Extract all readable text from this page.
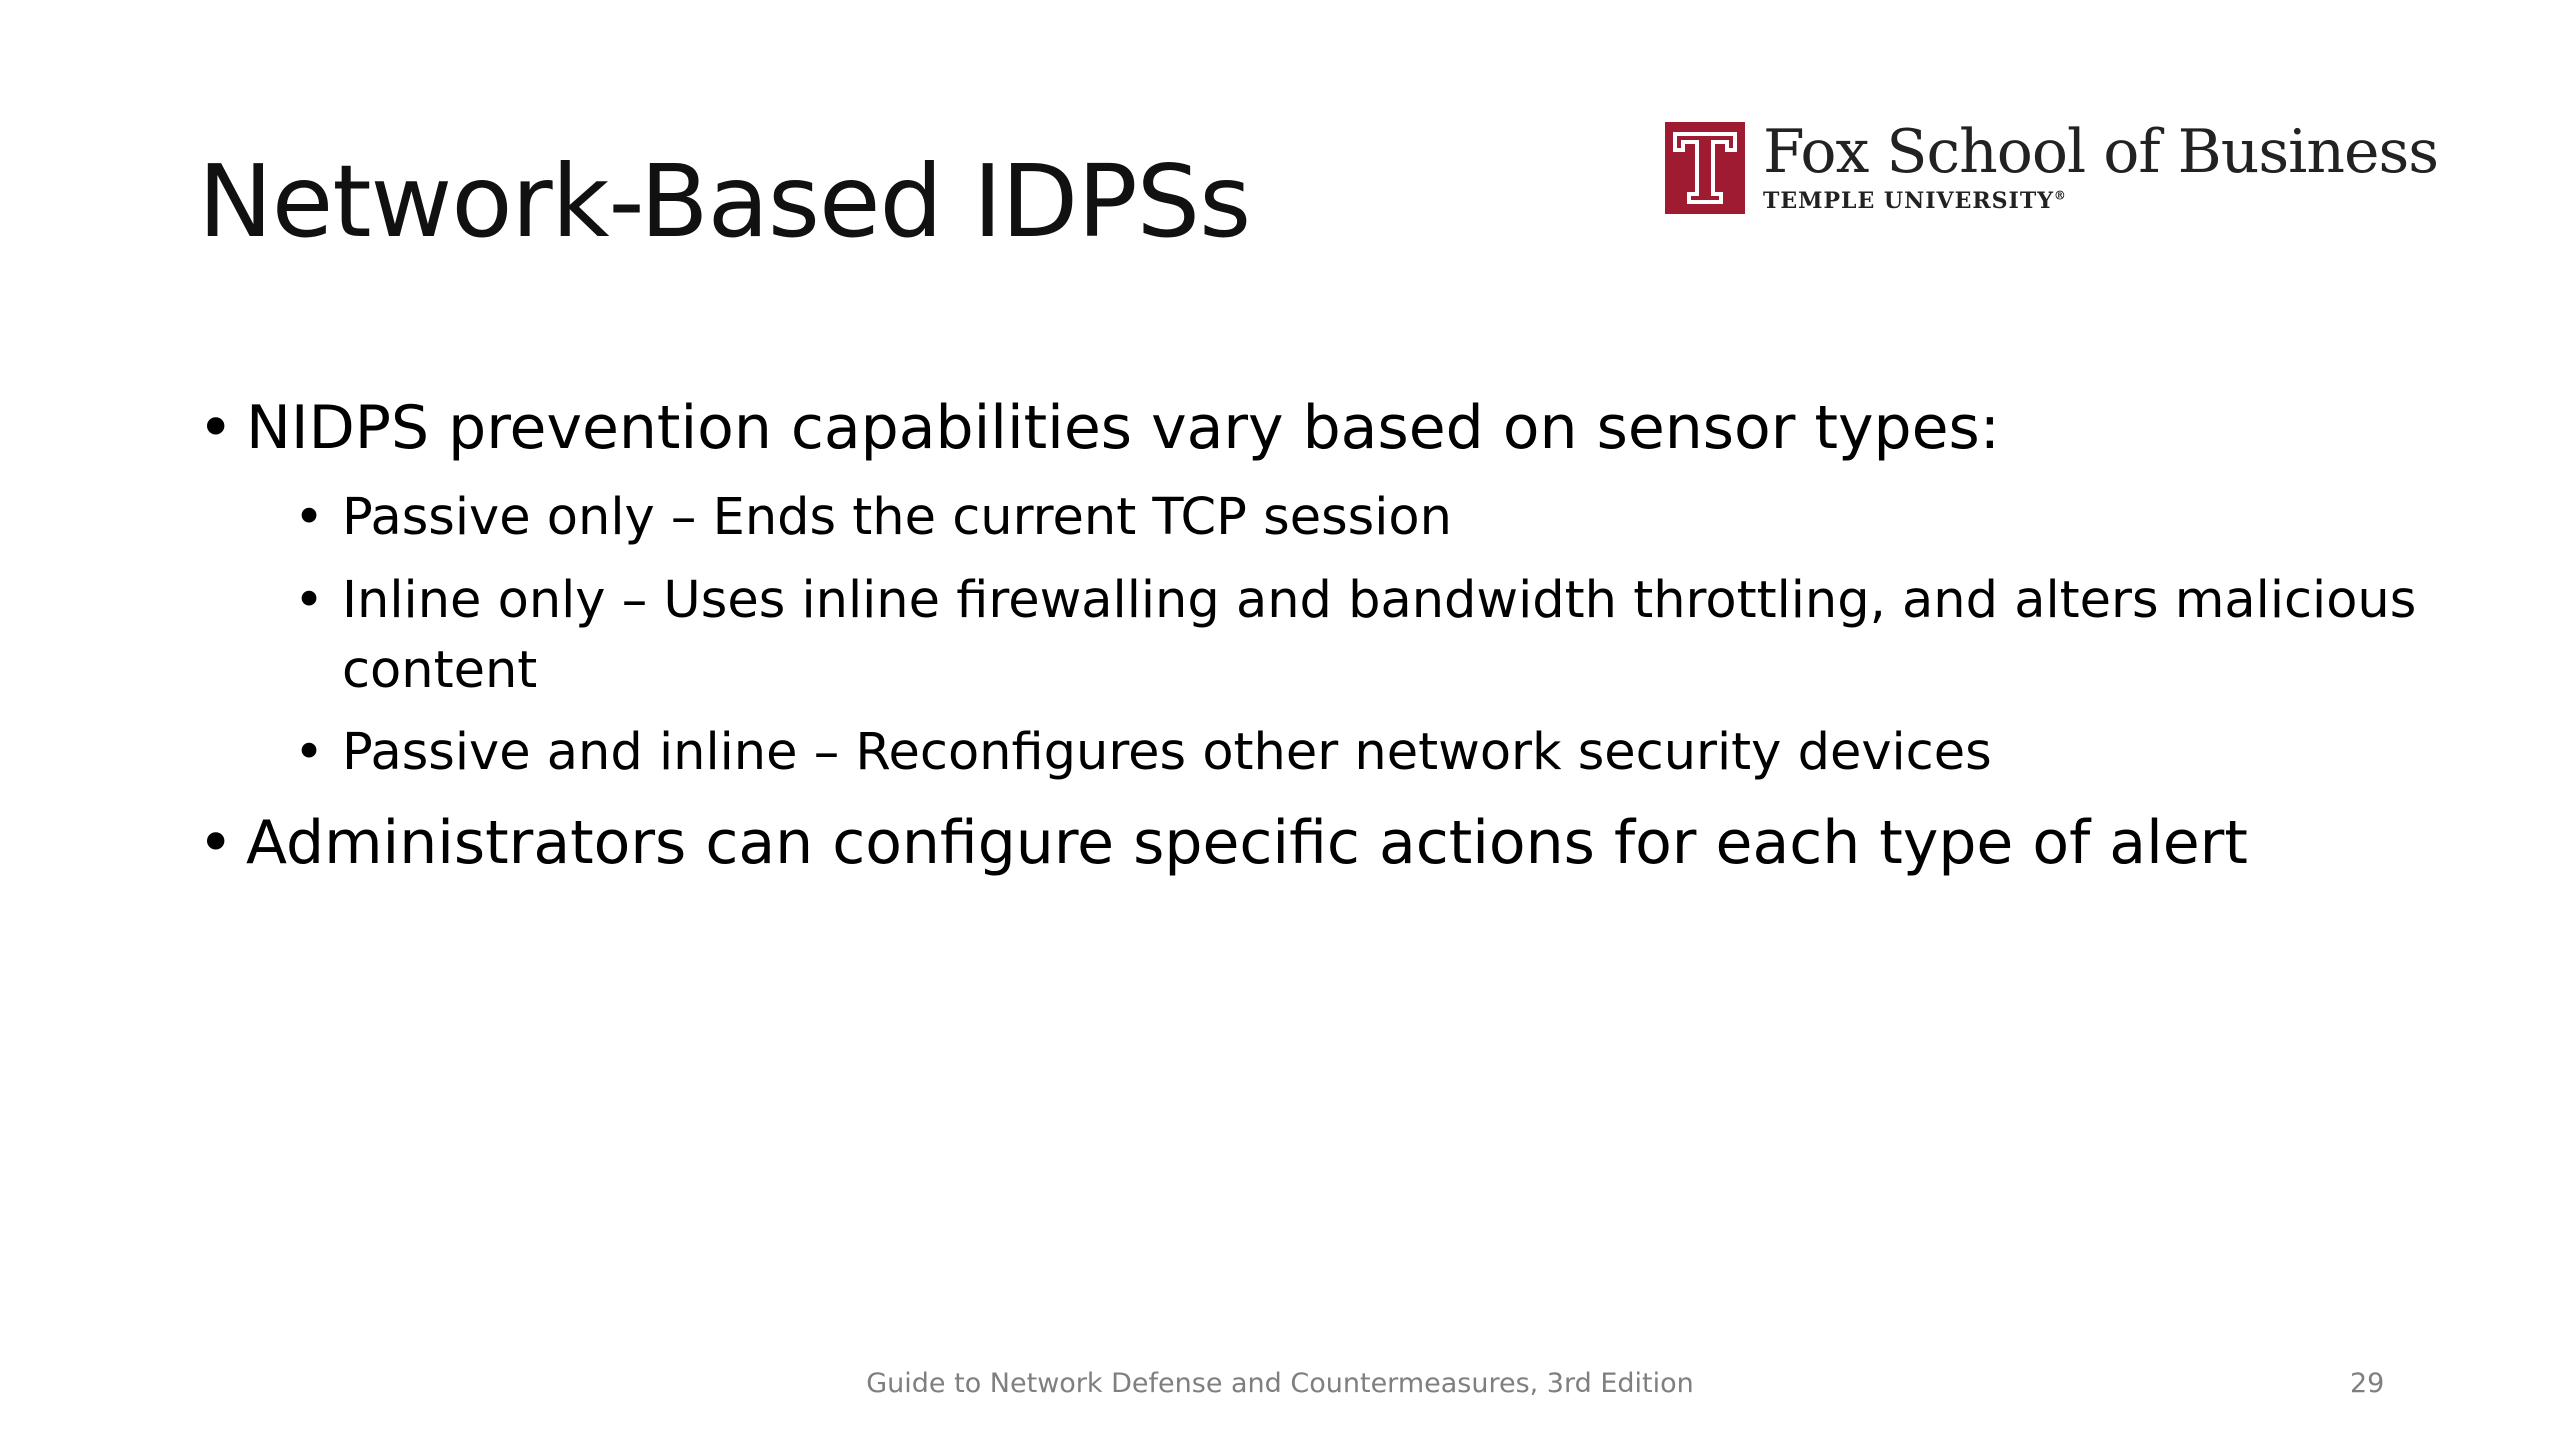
Network-Based IDPSs	Fox School of Business
TEMPLE UNIVERSITY®
• NIDPS prevention capabilities vary based on sensor types:
• Passive only – Ends the current TCP session
• Inline only – Uses inline firewalling and bandwidth throttling, and alters malicious content
• Passive and inline – Reconfigures other network security devices
• Administrators can configure specific actions for each type of alert
Guide to Network Defense and Countermeasures, 3rd Edition	29
